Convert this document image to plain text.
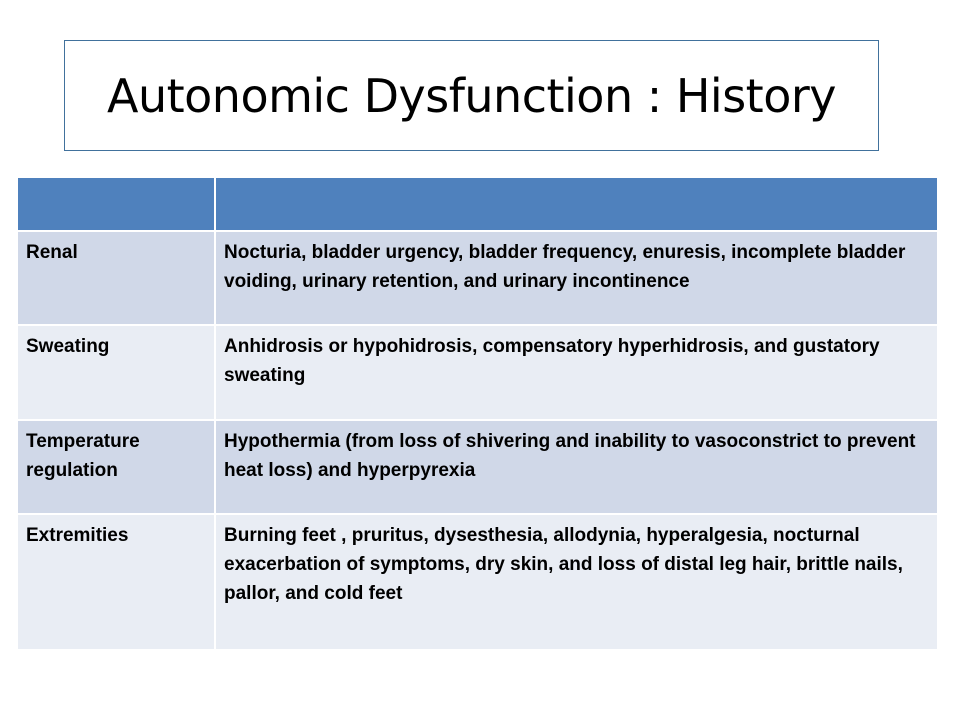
Autonomic Dysfunction : History

Renal	Nocturia, bladder urgency, bladder frequency, enuresis, incomplete bladder voiding, urinary retention, and urinary incontinence
Sweating	Anhidrosis or hypohidrosis, compensatory hyperhidrosis, and gustatory sweating
Temperature regulation	Hypothermia (from loss of shivering and inability to vasoconstrict to prevent heat loss) and hyperpyrexia
Extremities	Burning feet , pruritus, dysesthesia, allodynia, hyperalgesia, nocturnal exacerbation of symptoms, dry skin, and loss of distal leg hair, brittle nails, pallor, and cold feet
